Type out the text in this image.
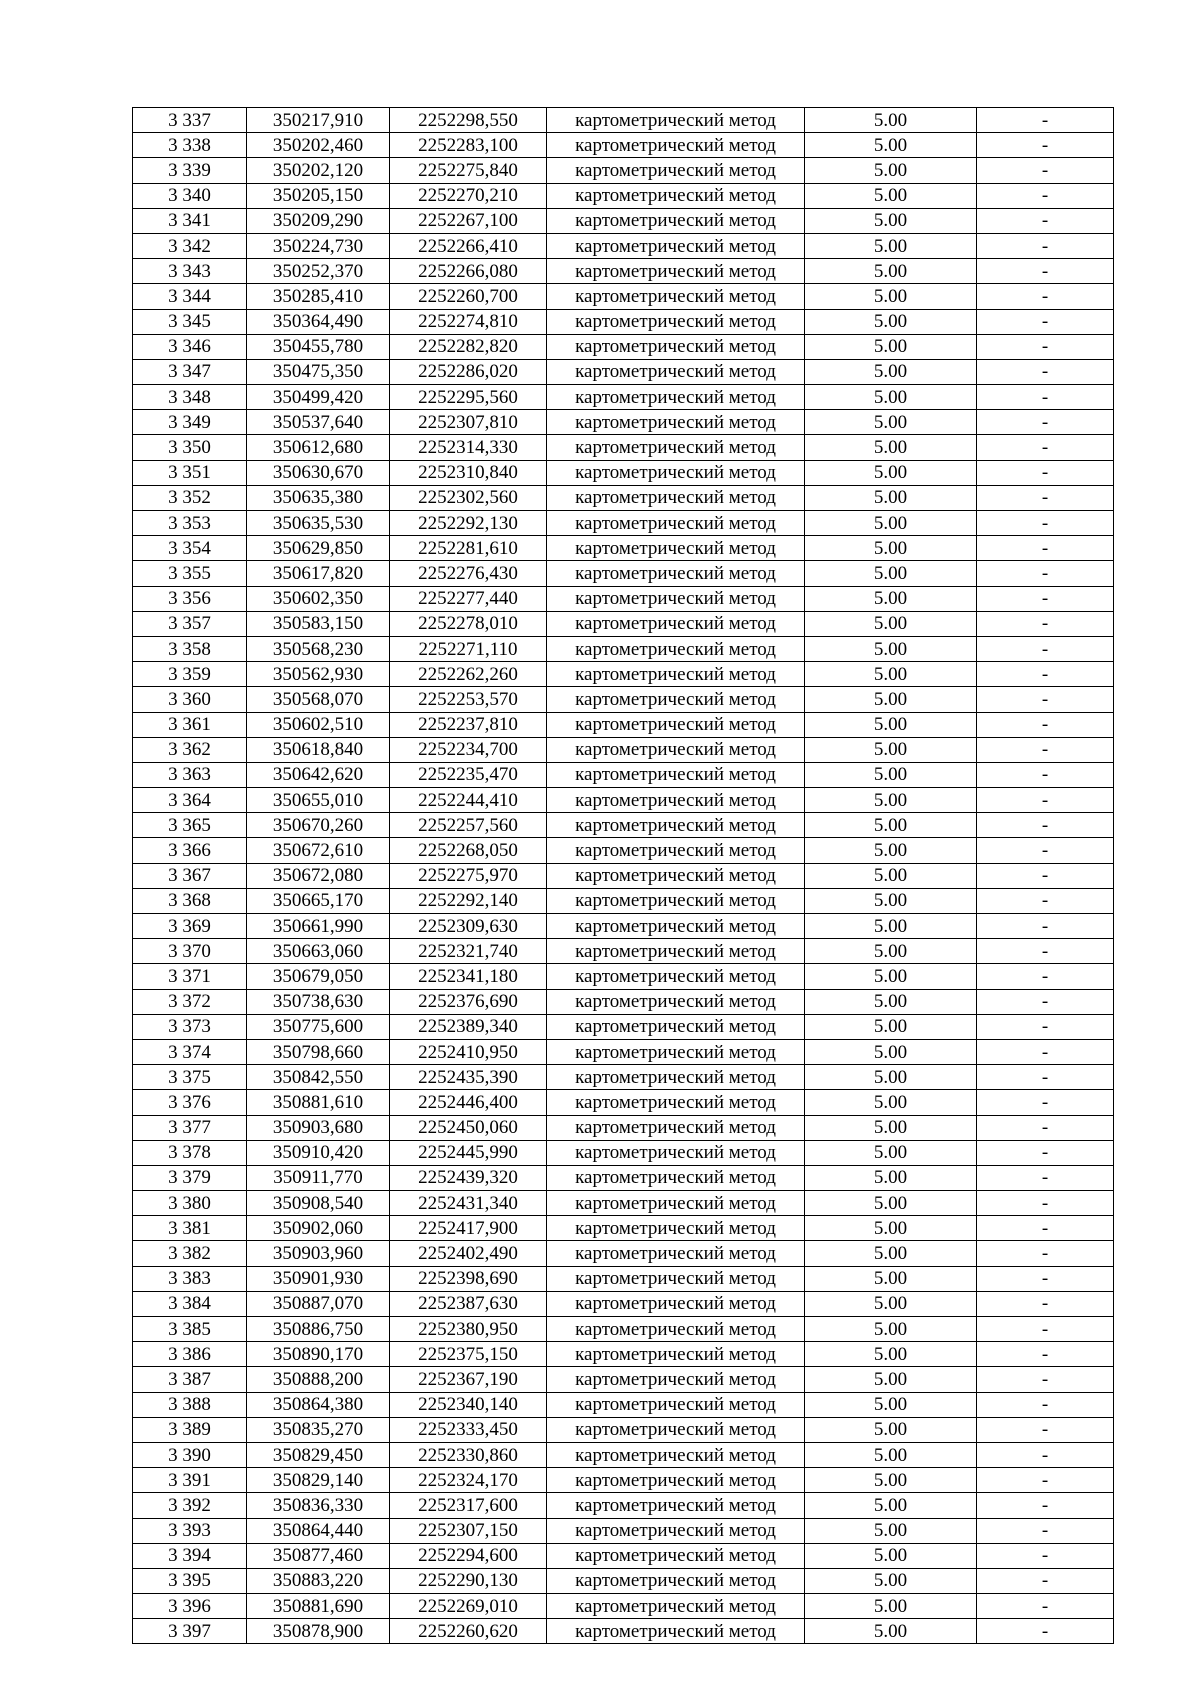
3 337	350217,910	2252298,550	картометрический метод	5.00	-
3 338	350202,460	2252283,100	картометрический метод	5.00	-
3 339	350202,120	2252275,840	картометрический метод	5.00	-
3 340	350205,150	2252270,210	картометрический метод	5.00	-
3 341	350209,290	2252267,100	картометрический метод	5.00	-
3 342	350224,730	2252266,410	картометрический метод	5.00	-
3 343	350252,370	2252266,080	картометрический метод	5.00	-
3 344	350285,410	2252260,700	картометрический метод	5.00	-
3 345	350364,490	2252274,810	картометрический метод	5.00	-
3 346	350455,780	2252282,820	картометрический метод	5.00	-
3 347	350475,350	2252286,020	картометрический метод	5.00	-
3 348	350499,420	2252295,560	картометрический метод	5.00	-
3 349	350537,640	2252307,810	картометрический метод	5.00	-
3 350	350612,680	2252314,330	картометрический метод	5.00	-
3 351	350630,670	2252310,840	картометрический метод	5.00	-
3 352	350635,380	2252302,560	картометрический метод	5.00	-
3 353	350635,530	2252292,130	картометрический метод	5.00	-
3 354	350629,850	2252281,610	картометрический метод	5.00	-
3 355	350617,820	2252276,430	картометрический метод	5.00	-
3 356	350602,350	2252277,440	картометрический метод	5.00	-
3 357	350583,150	2252278,010	картометрический метод	5.00	-
3 358	350568,230	2252271,110	картометрический метод	5.00	-
3 359	350562,930	2252262,260	картометрический метод	5.00	-
3 360	350568,070	2252253,570	картометрический метод	5.00	-
3 361	350602,510	2252237,810	картометрический метод	5.00	-
3 362	350618,840	2252234,700	картометрический метод	5.00	-
3 363	350642,620	2252235,470	картометрический метод	5.00	-
3 364	350655,010	2252244,410	картометрический метод	5.00	-
3 365	350670,260	2252257,560	картометрический метод	5.00	-
3 366	350672,610	2252268,050	картометрический метод	5.00	-
3 367	350672,080	2252275,970	картометрический метод	5.00	-
3 368	350665,170	2252292,140	картометрический метод	5.00	-
3 369	350661,990	2252309,630	картометрический метод	5.00	-
3 370	350663,060	2252321,740	картометрический метод	5.00	-
3 371	350679,050	2252341,180	картометрический метод	5.00	-
3 372	350738,630	2252376,690	картометрический метод	5.00	-
3 373	350775,600	2252389,340	картометрический метод	5.00	-
3 374	350798,660	2252410,950	картометрический метод	5.00	-
3 375	350842,550	2252435,390	картометрический метод	5.00	-
3 376	350881,610	2252446,400	картометрический метод	5.00	-
3 377	350903,680	2252450,060	картометрический метод	5.00	-
3 378	350910,420	2252445,990	картометрический метод	5.00	-
3 379	350911,770	2252439,320	картометрический метод	5.00	-
3 380	350908,540	2252431,340	картометрический метод	5.00	-
3 381	350902,060	2252417,900	картометрический метод	5.00	-
3 382	350903,960	2252402,490	картометрический метод	5.00	-
3 383	350901,930	2252398,690	картометрический метод	5.00	-
3 384	350887,070	2252387,630	картометрический метод	5.00	-
3 385	350886,750	2252380,950	картометрический метод	5.00	-
3 386	350890,170	2252375,150	картометрический метод	5.00	-
3 387	350888,200	2252367,190	картометрический метод	5.00	-
3 388	350864,380	2252340,140	картометрический метод	5.00	-
3 389	350835,270	2252333,450	картометрический метод	5.00	-
3 390	350829,450	2252330,860	картометрический метод	5.00	-
3 391	350829,140	2252324,170	картометрический метод	5.00	-
3 392	350836,330	2252317,600	картометрический метод	5.00	-
3 393	350864,440	2252307,150	картометрический метод	5.00	-
3 394	350877,460	2252294,600	картометрический метод	5.00	-
3 395	350883,220	2252290,130	картометрический метод	5.00	-
3 396	350881,690	2252269,010	картометрический метод	5.00	-
3 397	350878,900	2252260,620	картометрический метод	5.00	-
